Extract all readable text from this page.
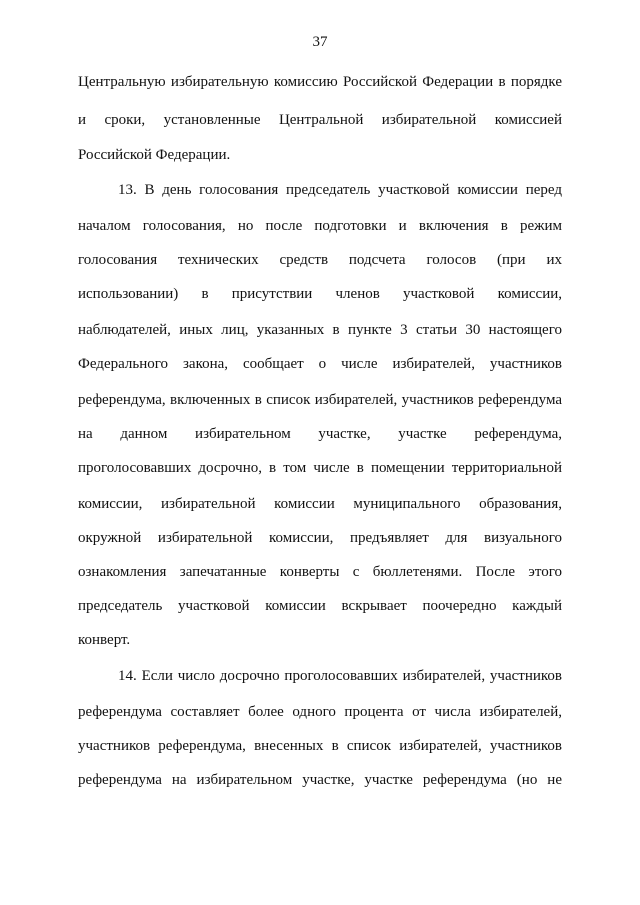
37
Центральную избирательную комиссию Российской Федерации в порядке
и сроки, установленные Центральной избирательной комиссией
Российской Федерации.
13. В день голосования председатель участковой комиссии перед
началом голосования, но после подготовки и включения в режим
голосования технических средств подсчета голосов (при их
использовании) в присутствии членов участковой комиссии,
наблюдателей, иных лиц, указанных в пункте 3 статьи 30 настоящего
Федерального закона, сообщает о числе избирателей, участников
референдума, включенных в список избирателей, участников референдума
на данном избирательном участке, участке референдума,
проголосовавших досрочно, в том числе в помещении территориальной
комиссии, избирательной комиссии муниципального образования,
окружной избирательной комиссии, предъявляет для визуального
ознакомления запечатанные конверты с бюллетенями. После этого
председатель участковой комиссии вскрывает поочередно каждый
конверт.
14. Если число досрочно проголосовавших избирателей, участников
референдума составляет более одного процента от числа избирателей,
участников референдума, внесенных в список избирателей, участников
референдума на избирательном участке, участке референдума (но не
